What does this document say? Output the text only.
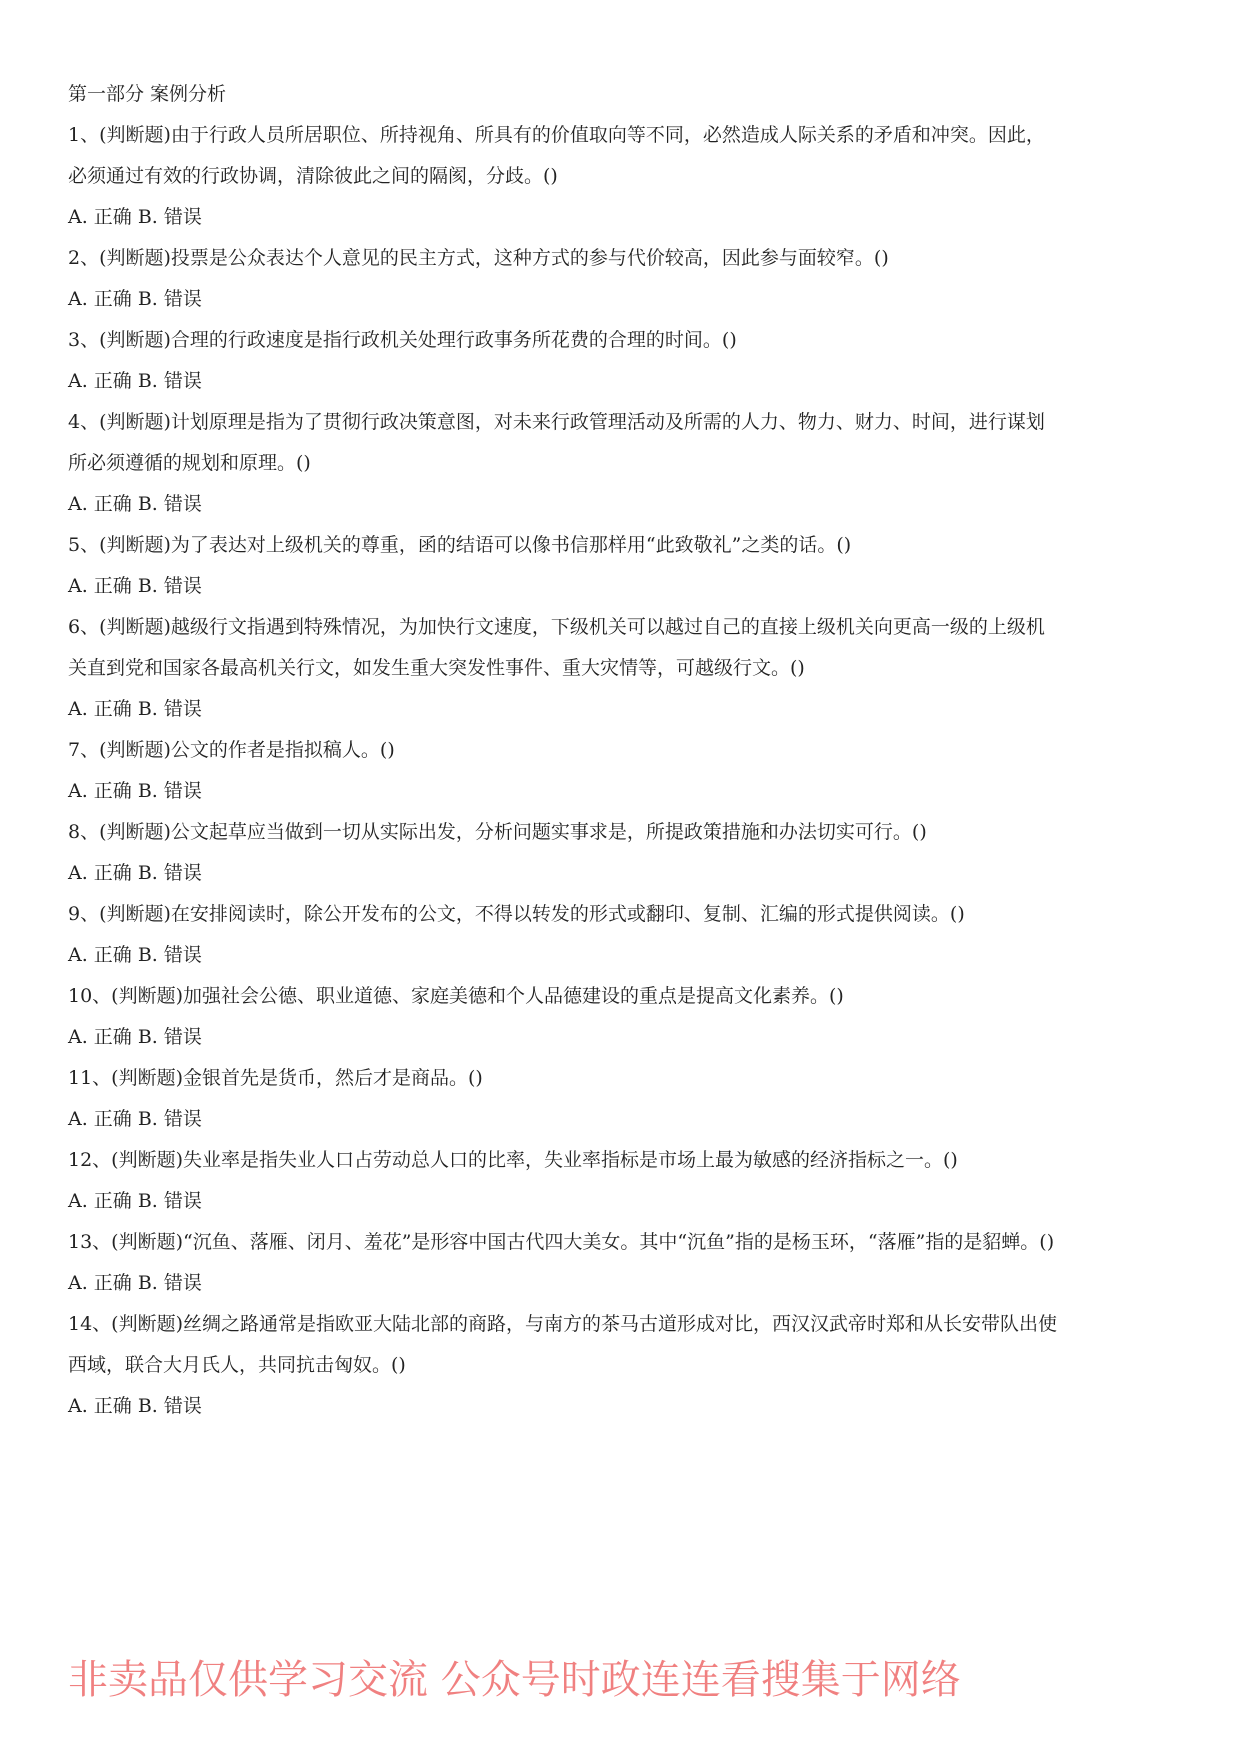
第一部分 案例分析

1、(判断题)由于行政人员所居职位、所持视角、所具有的价值取向等不同，必然造成人际关系的矛盾和冲突。因此，必须通过有效的行政协调，清除彼此之间的隔阂，分歧。()

A. 正确 B. 错误

2、(判断题)投票是公众表达个人意见的民主方式，这种方式的参与代价较高，因此参与面较窄。()

A. 正确 B. 错误

3、(判断题)合理的行政速度是指行政机关处理行政事务所花费的合理的时间。()

A. 正确 B. 错误

4、(判断题)计划原理是指为了贯彻行政决策意图，对未来行政管理活动及所需的人力、物力、财力、时间，进行谋划所必须遵循的规划和原理。()

A. 正确 B. 错误

5、(判断题)为了表达对上级机关的尊重，函的结语可以像书信那样用“此致敬礼”之类的话。()

A. 正确 B. 错误

6、(判断题)越级行文指遇到特殊情况，为加快行文速度，下级机关可以越过自己的直接上级机关向更高一级的上级机关直到党和国家各最高机关行文，如发生重大突发性事件、重大灾情等，可越级行文。()

A. 正确 B. 错误

7、(判断题)公文的作者是指拟稿人。()

A. 正确 B. 错误

8、(判断题)公文起草应当做到一切从实际出发，分析问题实事求是，所提政策措施和办法切实可行。()

A. 正确 B. 错误

9、(判断题)在安排阅读时，除公开发布的公文，不得以转发的形式或翻印、复制、汇编的形式提供阅读。()

A. 正确 B. 错误

10、(判断题)加强社会公德、职业道德、家庭美德和个人品德建设的重点是提高文化素养。()

A. 正确 B. 错误

11、(判断题)金银首先是货币，然后才是商品。()

A. 正确 B. 错误

12、(判断题)失业率是指失业人口占劳动总人口的比率，失业率指标是市场上最为敏感的经济指标之一。()

A. 正确 B. 错误

13、(判断题)“沉鱼、落雁、闭月、羞花”是形容中国古代四大美女。其中“沉鱼”指的是杨玉环，“落雁”指的是貂蝉。()

A. 正确 B. 错误

14、(判断题)丝绸之路通常是指欧亚大陆北部的商路，与南方的茶马古道形成对比，西汉汉武帝时郑和从长安带队出使西域，联合大月氏人，共同抗击匈奴。()

A. 正确 B. 错误

非卖品仅供学习交流 公众号时政连连看搜集于网络
